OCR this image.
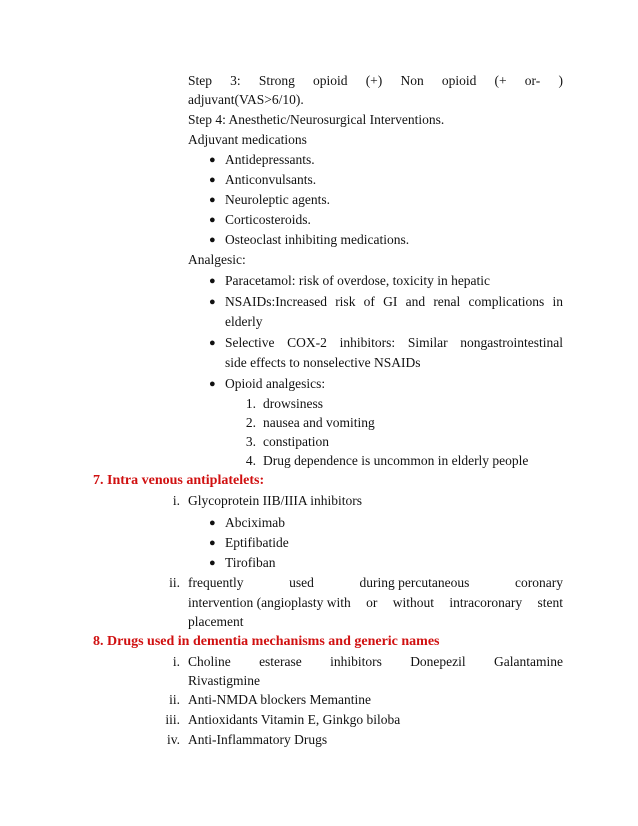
Step 3: Strong opioid (+) Non opioid (+ or- )
adjuvant(VAS>6/10).
Step 4: Anesthetic/Neurosurgical Interventions.
Adjuvant medications
● Antidepressants.
● Anticonvulsants.
● Neuroleptic agents.
● Corticosteroids.
● Osteoclast inhibiting medications.
Analgesic:
● Paracetamol: risk of overdose, toxicity in hepatic
● NSAIDs:Increased risk of GI and renal complications in
elderly
● Selective COX-2 inhibitors: Similar nongastrointestinal
side effects to nonselective NSAIDs
● Opioid analgesics:
1. drowsiness
2. nausea and vomiting
3. constipation
4. Drug dependence is uncommon in elderly people
7. Intra venous antiplatelets:
i. Glycoprotein IIB/IIIA inhibitors
● Abciximab
● Eptifibatide
● Tirofiban
ii. frequently	used	during percutaneous	coronary
intervention (angioplasty with or without intracoronary stent
placement
8. Drugs used in dementia mechanisms and generic names
i. Choline esterase inhibitors Donepezil Galantamine
Rivastigmine
ii. Anti-NMDA blockers Memantine
iii. Antioxidants Vitamin E, Ginkgo biloba
iv. Anti-Inflammatory Drugs
